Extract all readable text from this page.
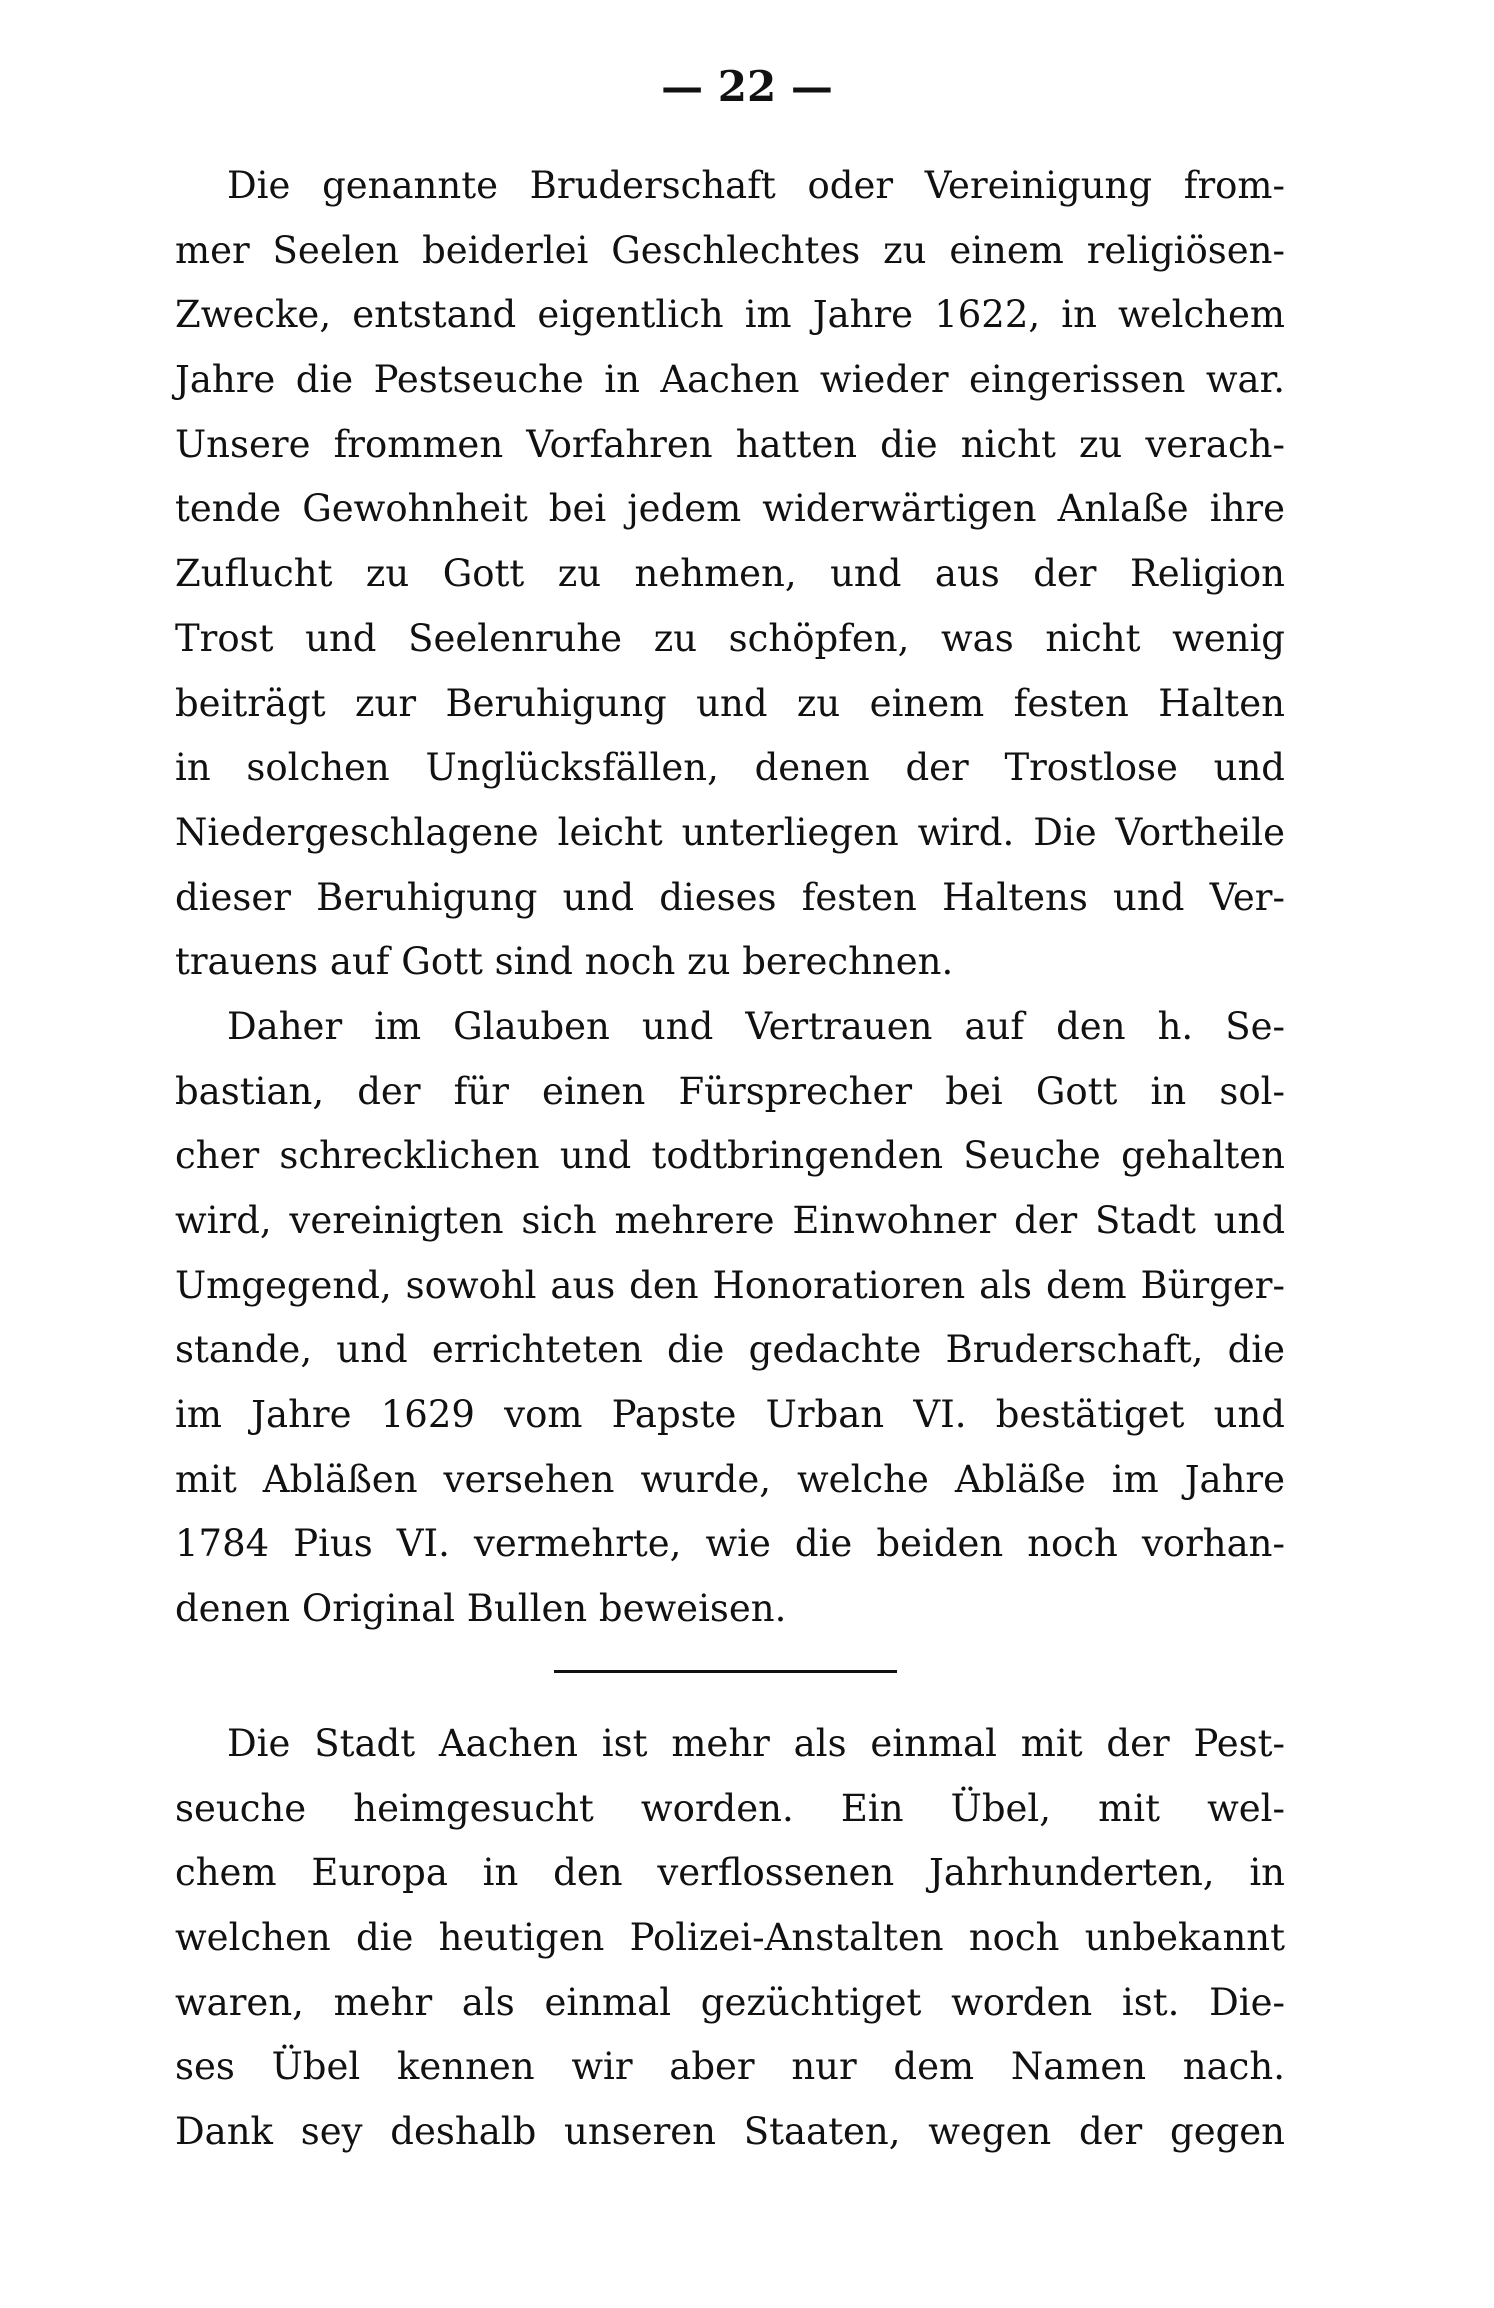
— 22 —
Die genannte Bruderschaft oder Vereinigung from-
mer Seelen beiderlei Geschlechtes zu einem religiösen-
Zwecke, entstand eigentlich im Jahre 1622, in welchem
Jahre die Pestseuche in Aachen wieder eingerissen war.
Unsere frommen Vorfahren hatten die nicht zu verach-
tende Gewohnheit bei jedem widerwärtigen Anlaße ihre
Zuflucht zu Gott zu nehmen, und aus der Religion
Trost und Seelenruhe zu schöpfen, was nicht wenig
beiträgt zur Beruhigung und zu einem festen Halten
in solchen Unglücksfällen, denen der Trostlose und
Niedergeschlagene leicht unterliegen wird. Die Vortheile
dieser Beruhigung und dieses festen Haltens und Ver-
trauens auf Gott sind noch zu berechnen.
Daher im Glauben und Vertrauen auf den h. Se-
bastian, der für einen Fürsprecher bei Gott in sol-
cher schrecklichen und todtbringenden Seuche gehalten
wird, vereinigten sich mehrere Einwohner der Stadt und
Umgegend, sowohl aus den Honoratioren als dem Bürger-
stande, und errichteten die gedachte Bruderschaft, die
im Jahre 1629 vom Papste Urban VI. bestätiget und
mit Abläßen versehen wurde, welche Abläße im Jahre
1784 Pius VI. vermehrte, wie die beiden noch vorhan-
denen Original Bullen beweisen.
Die Stadt Aachen ist mehr als einmal mit der Pest-
seuche heimgesucht worden. Ein Übel, mit wel-
chem Europa in den verflossenen Jahrhunderten, in
welchen die heutigen Polizei-Anstalten noch unbekannt
waren, mehr als einmal gezüchtiget worden ist. Die-
ses Übel kennen wir aber nur dem Namen nach.
Dank sey deshalb unseren Staaten, wegen der gegen
